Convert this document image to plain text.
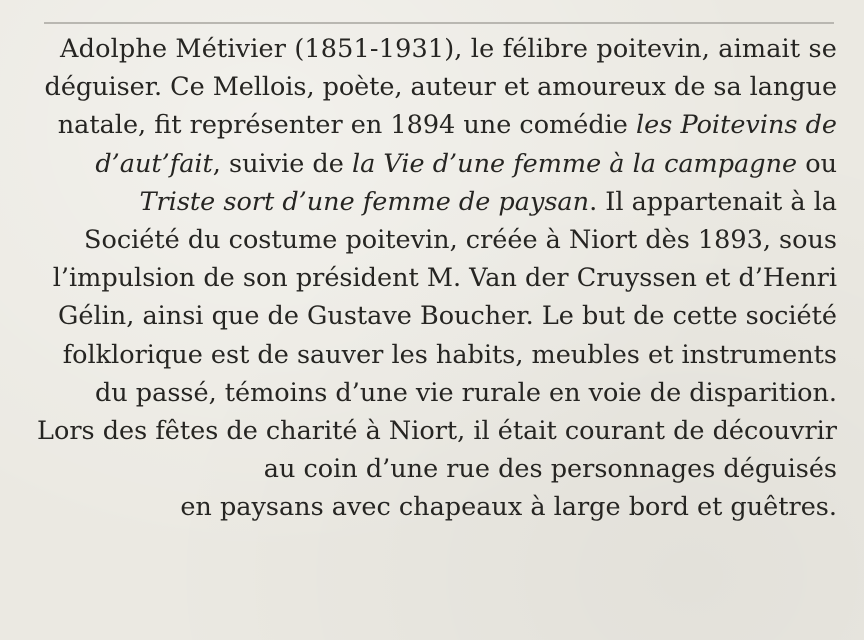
Adolphe Métivier (1851-1931), le félibre poitevin, aimait se
déguiser. Ce Mellois, poète, auteur et amoureux de sa langue
natale, fit représenter en 1894 une comédie les Poitevins de
d’aut’fait, suivie de la Vie d’une femme à la campagne ou
Triste sort d’une femme de paysan. Il appartenait à la
Société du costume poitevin, créée à Niort dès 1893, sous
l’impulsion de son président M. Van der Cruyssen et d’Henri
Gélin, ainsi que de Gustave Boucher. Le but de cette société
folklorique est de sauver les habits, meubles et instruments
du passé, témoins d’une vie rurale en voie de disparition.
Lors des fêtes de charité à Niort, il était courant de découvrir
au coin d’une rue des personnages déguisés
en paysans avec chapeaux à large bord et guêtres.
